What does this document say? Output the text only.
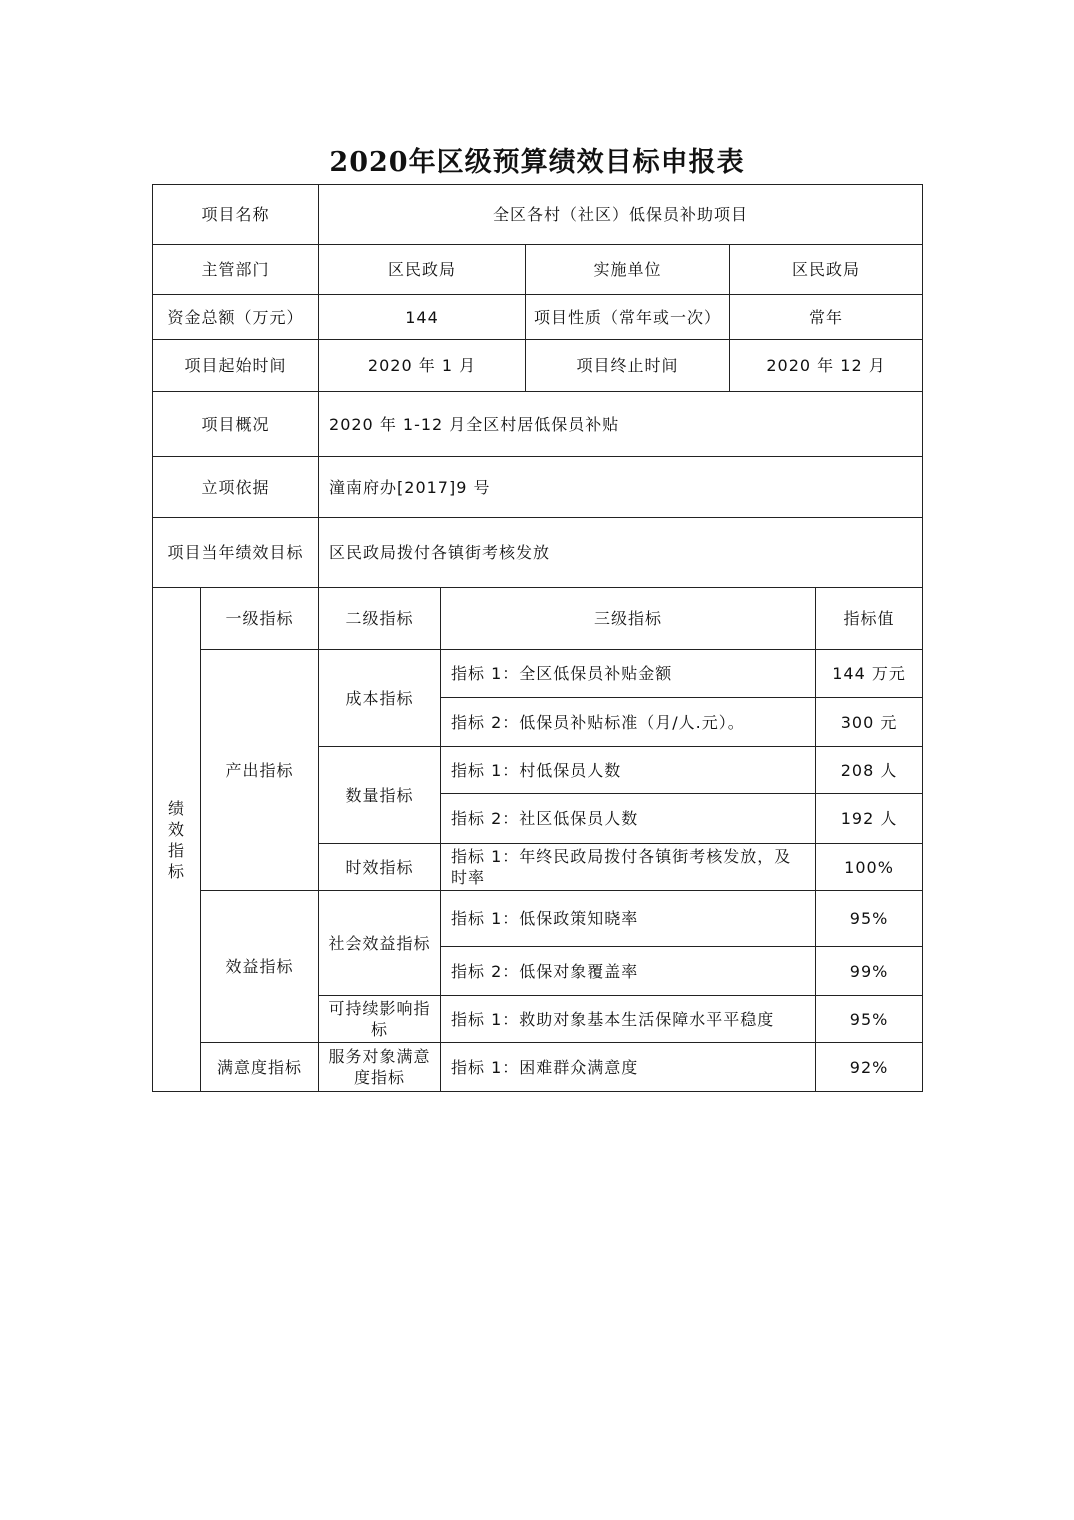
2020年区级预算绩效目标申报表
项目名称		全区各村（社区）低保员补助项目				
主管部门		区民政局		实施单位	区民政局	
资金总额（万元）		144		项目性质（常年或一次）	常年	
项目起始时间		2020 年 1 月		项目终止时间	2020 年 12 月	
项目概况		2020 年 1-12 月全区村居低保员补贴				
立项依据		潼南府办[2017]9 号				
项目当年绩效目标		区民政局拨付各镇街考核发放				
绩效指标	一级指标	二级指标	三级指标			指标值
	产出指标	成本指标	指标 1：全区低保员补贴金额			144 万元
			指标 2：低保员补贴标准（月/人.元）。			300 元
		数量指标	指标 1：村低保员人数			208 人
			指标 2：社区低保员人数			192 人
		时效指标	指标 1：年终民政局拨付各镇街考核发放，及时率			100%
	效益指标	社会效益指标	指标 1：低保政策知晓率			95%
			指标 2：低保对象覆盖率			99%
		可持续影响指标	指标 1：救助对象基本生活保障水平平稳度			95%
	满意度指标	服务对象满意度指标	指标 1：困难群众满意度			92%
